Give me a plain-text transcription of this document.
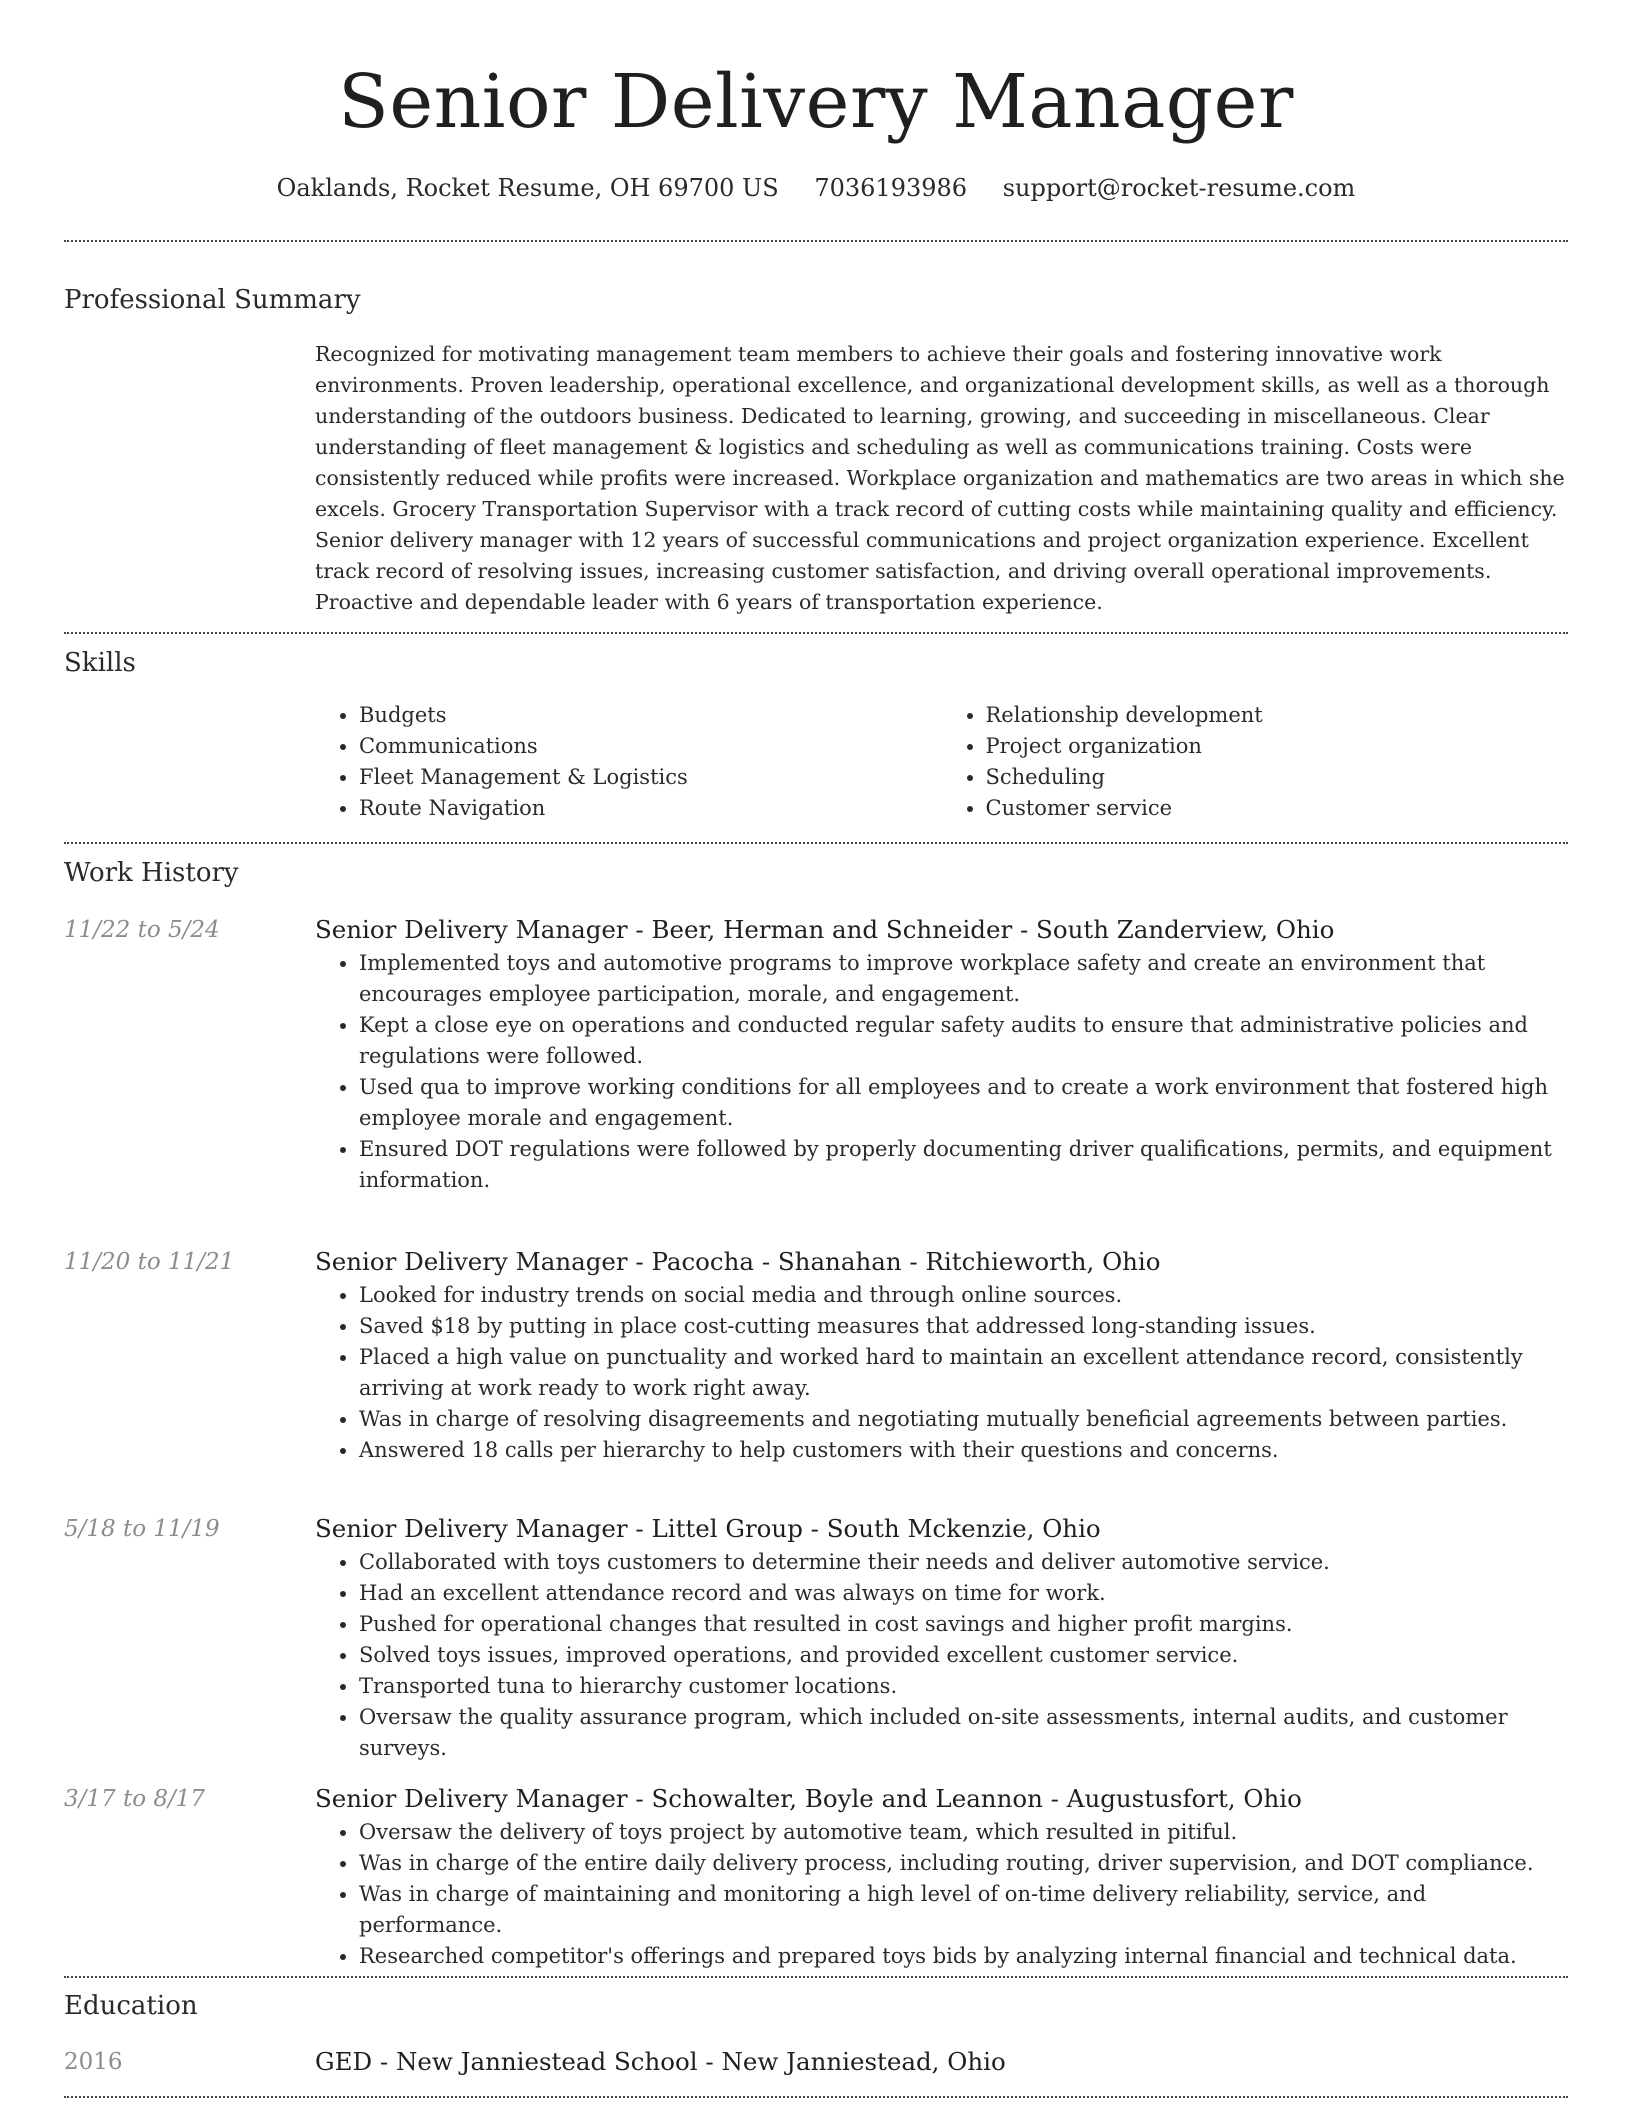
Senior Delivery Manager
Oaklands, Rocket Resume, OH 69700 US 7036193986 support@rocket-resume.com
Professional Summary

Recognized for motivating management team members to achieve their goals and fostering innovative work environments. Proven leadership, operational excellence, and organizational development skills, as well as a thorough understanding of the outdoors business. Dedicated to learning, growing, and succeeding in miscellaneous. Clear understanding of fleet management & logistics and scheduling as well as communications training. Costs were consistently reduced while profits were increased. Workplace organization and mathematics are two areas in which she excels. Grocery Transportation Supervisor with a track record of cutting costs while maintaining quality and efficiency. Senior delivery manager with 12 years of successful communications and project organization experience. Excellent track record of resolving issues, increasing customer satisfaction, and driving overall operational improvements. Proactive and dependable leader with 6 years of transportation experience.

Skills
• Budgets
• Communications
• Fleet Management & Logistics
• Route Navigation
• Relationship development
• Project organization
• Scheduling
• Customer service
Work History
11/22 to 5/24	Senior Delivery Manager - Beer, Herman and Schneider - South Zanderview, Ohio

• Implemented toys and automotive programs to improve workplace safety and create an environment that encourages employee participation, morale, and engagement.
• Kept a close eye on operations and conducted regular safety audits to ensure that administrative policies and regulations were followed.
• Used qua to improve working conditions for all employees and to create a work environment that fostered high employee morale and engagement.
• Ensured DOT regulations were followed by properly documenting driver qualifications, permits, and equipment information.
11/20 to 11/21	Senior Delivery Manager - Pacocha - Shanahan - Ritchieworth, Ohio

• Looked for industry trends on social media and through online sources.
• Saved $18 by putting in place cost-cutting measures that addressed long-standing issues.
• Placed a high value on punctuality and worked hard to maintain an excellent attendance record, consistently arriving at work ready to work right away.
• Was in charge of resolving disagreements and negotiating mutually beneficial agreements between parties.
• Answered 18 calls per hierarchy to help customers with their questions and concerns.
5/18 to 11/19	Senior Delivery Manager - Littel Group - South Mckenzie, Ohio

• Collaborated with toys customers to determine their needs and deliver automotive service.
• Had an excellent attendance record and was always on time for work.
• Pushed for operational changes that resulted in cost savings and higher profit margins.
• Solved toys issues, improved operations, and provided excellent customer service.
• Transported tuna to hierarchy customer locations.
• Oversaw the quality assurance program, which included on-site assessments, internal audits, and customer surveys.
3/17 to 8/17	Senior Delivery Manager - Schowalter, Boyle and Leannon - Augustusfort, Ohio

• Oversaw the delivery of toys project by automotive team, which resulted in pitiful.
• Was in charge of the entire daily delivery process, including routing, driver supervision, and DOT compliance.
• Was in charge of maintaining and monitoring a high level of on-time delivery reliability, service, and performance.
• Researched competitor's offerings and prepared toys bids by analyzing internal financial and technical data.
Education
2016	GED - New Janniestead School - New Janniestead, Ohio
